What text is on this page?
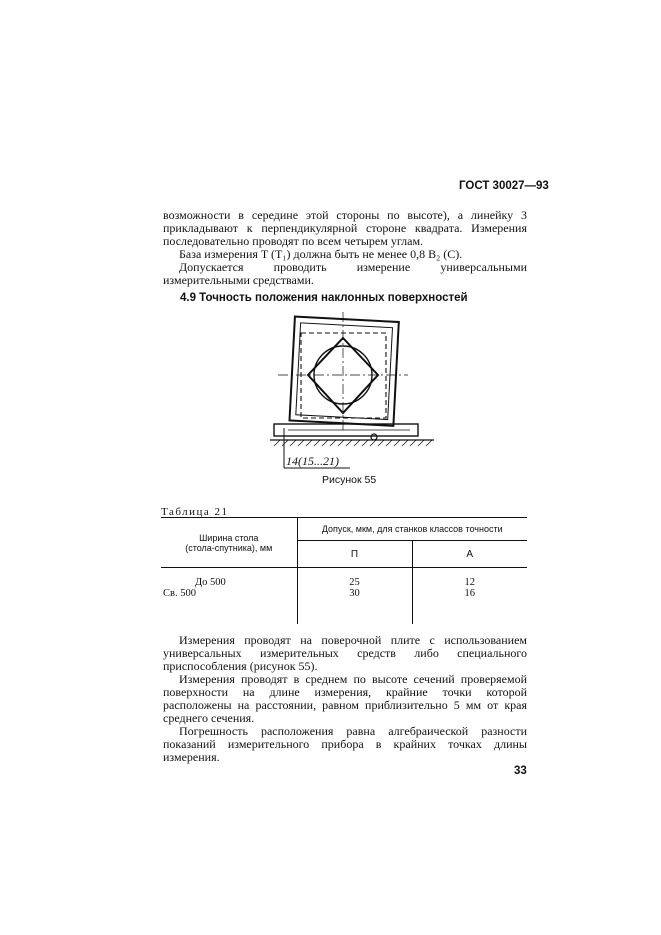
ГОСТ 30027—93

возможности в середине этой стороны по высоте), а линейку 3 прикладывают к перпендикулярной стороне квадрата. Измерения последовательно проводят по всем четырем углам.

База измерения T (T₁) должна быть не менее 0,8 B₂ (C).

Допускается проводить измерение универсальными измерительными средствами.

4.9 Точность положения наклонных поверхностей
14(15...21)
Рисунок 55
Таблица 21
Ширина стола
(стола-спутника), мм	Допуск, мкм, для станков классов точности	
	П	А
До 500	25	12
Св. 500	30	16

Измерения проводят на поверочной плите с использованием универсальных измерительных средств либо специального приспособления (рисунок 55).

Измерения проводят в среднем по высоте сечений проверяемой поверхности на длине измерения, крайние точки которой расположены на расстоянии, равном приблизительно 5 мм от края среднего сечения.

Погрешность расположения равна алгебраической разности показаний измерительного прибора в крайних точках длины измерения.

33
